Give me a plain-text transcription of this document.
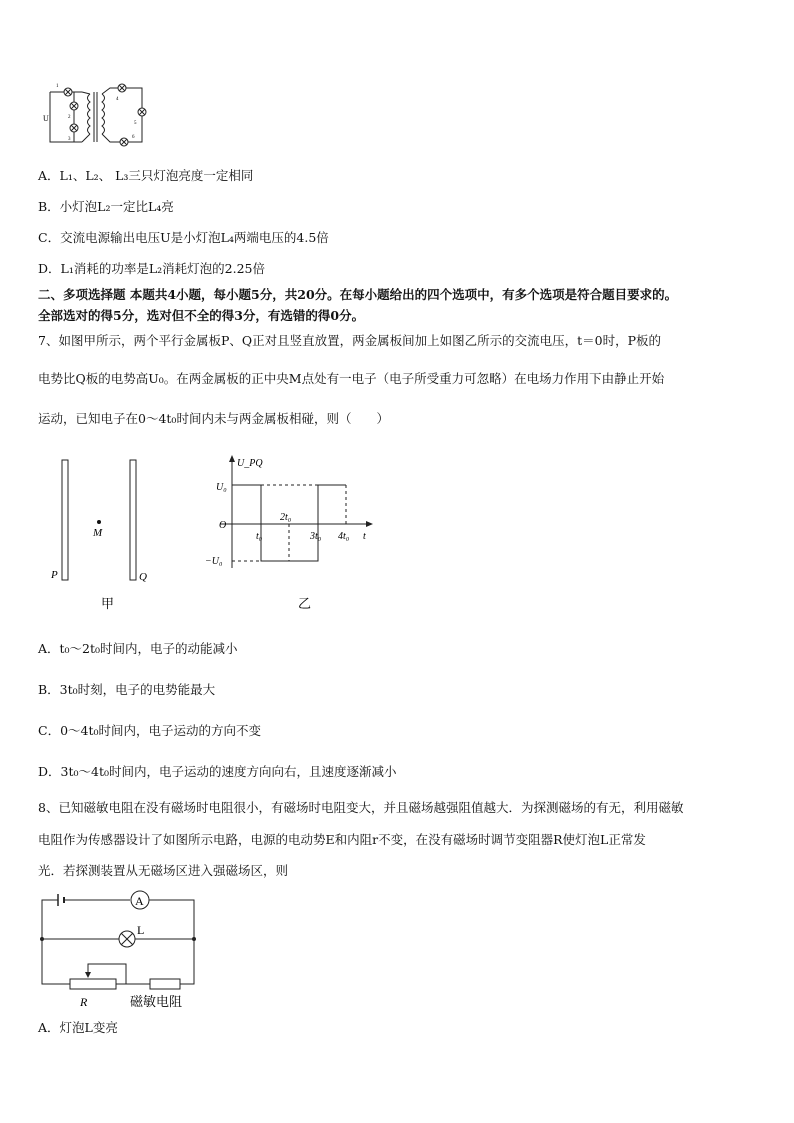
U
1
2
3
4
5
6
A．L₁、L₂、 L₃三只灯泡亮度一定相同
B．小灯泡L₂一定比L₄亮
C．交流电源输出电压U是小灯泡L₄两端电压的4.5倍
D．L₁消耗的功率是L₂消耗灯泡的2.25倍
二、多项选择题 本题共4小题，每小题5分，共20分。在每小题给出的四个选项中，有多个选项是符合题目要求的。
全部选对的得5分，选对但不全的得3分，有选错的得0分。
7、如图甲所示，两个平行金属板P、Q正对且竖直放置，两金属板间加上如图乙所示的交流电压，t＝0时，P板的
电势比Q板的电势高U₀。在两金属板的正中央M点处有一电子（电子所受重力可忽略）在电场力作用下由静止开始
运动，已知电子在0～4t₀时间内未与两金属板相碰，则（　　）
M
P	Q
甲
U_PQ
U₀
O
−U₀
t
t₀
2t₀
3t₀ 4t₀
乙
A．t₀～2t₀时间内，电子的动能减小
B．3t₀时刻，电子的电势能最大
C．0～4t₀时间内，电子运动的方向不变
D．3t₀～4t₀时间内，电子运动的速度方向向右，且速度逐渐减小
8、已知磁敏电阻在没有磁场时电阻很小，有磁场时电阻变大，并且磁场越强阻值越大．为探测磁场的有无，利用磁敏
电阻作为传感器设计了如图所示电路，电源的电动势E和内阻r不变，在没有磁场时调节变阻器R使灯泡L正常发
光．若探测装置从无磁场区进入强磁场区，则
A
L
R	磁敏电阻
A．灯泡L变亮
